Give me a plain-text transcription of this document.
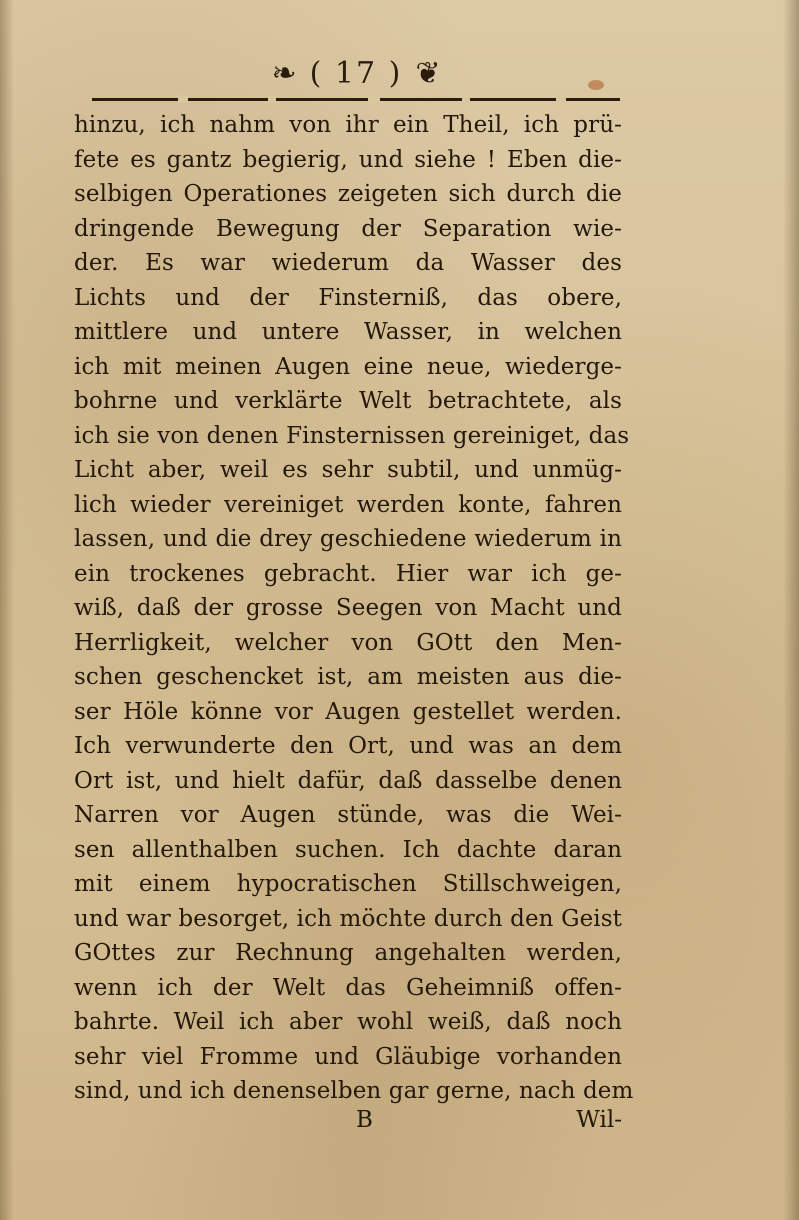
❧ ( 17 ) ❦
hinzu, ich nahm von ihr ein Theil, ich prü-
fete es gantz begierig, und siehe ! Eben die-
selbigen Operationes zeigeten sich durch die
dringende Bewegung der Separation wie-
der. Es war wiederum da Wasser des
Lichts und der Finsterniß, das obere,
mittlere und untere Wasser, in welchen
ich mit meinen Augen eine neue, wiederge-
bohrne und verklärte Welt betrachtete, als
ich sie von denen Finsternissen gereiniget, das
Licht aber, weil es sehr subtil, und unmüg-
lich wieder vereiniget werden konte, fahren
lassen, und die drey geschiedene wiederum in
ein trockenes gebracht. Hier war ich ge-
wiß, daß der grosse Seegen von Macht und
Herrligkeit, welcher von GOtt den Men-
schen geschencket ist, am meisten aus die-
ser Höle könne vor Augen gestellet werden.
Ich verwunderte den Ort, und was an dem
Ort ist, und hielt dafür, daß dasselbe denen
Narren vor Augen stünde, was die Wei-
sen allenthalben suchen. Ich dachte daran
mit einem hypocratischen Stillschweigen,
und war besorget, ich möchte durch den Geist
GOttes zur Rechnung angehalten werden,
wenn ich der Welt das Geheimniß offen-
bahrte. Weil ich aber wohl weiß, daß noch
sehr viel Fromme und Gläubige vorhanden
sind, und ich denenselben gar gerne, nach dem
B	Wil-
